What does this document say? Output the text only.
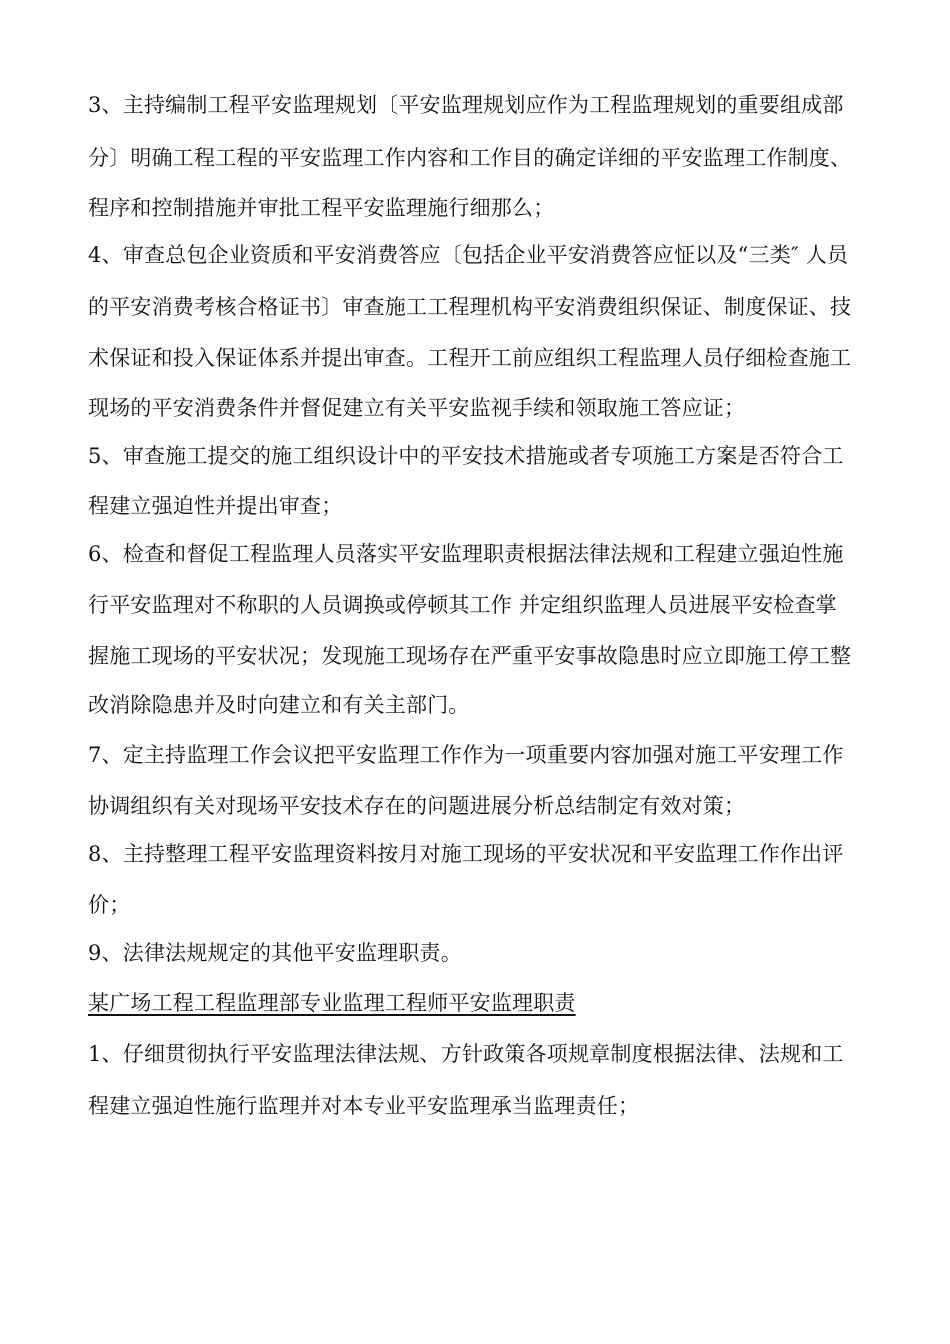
3、主持编制工程平安监理规划〔平安监理规划应作为工程监理规划的重要组成部
分〕明确工程工程的平安监理工作内容和工作目的确定详细的平安监理工作制度、
程序和控制措施并审批工程平安监理施行细那么；
4、审查总包企业资质和平安消费答应〔包括企业平安消费答应怔以及“三类″ 人员
的平安消费考核合格证书〕审查施工工程理机构平安消费组织保证、制度保证、技
术保证和投入保证体系并提出审查。工程开工前应组织工程监理人员仔细检查施工
现场的平安消费条件并督促建立有关平安监视手续和领取施工答应证；
5、审查施工提交的施工组织设计中的平安技术措施或者专项施工方案是否符合工
程建立强迫性并提出审查；
6、检查和督促工程监理人员落实平安监理职责根据法律法规和工程建立强迫性施
行平安监理对不称职的人员调换或停顿其工作 并定组织监理人员进展平安检查掌
握施工现场的平安状况；发现施工现场存在严重平安事故隐患时应立即施工停工整
改消除隐患并及时向建立和有关主部门。
7、定主持监理工作会议把平安监理工作作为一项重要内容加强对施工平安理工作
协调组织有关对现场平安技术存在的问题进展分析总结制定有效对策；
8、主持整理工程平安监理资料按月对施工现场的平安状况和平安监理工作作出评
价；
9、法律法规规定的其他平安监理职责。
某广场工程工程监理部专业监理工程师平安监理职责
1、仔细贯彻执行平安监理法律法规、方针政策各项规章制度根据法律、法规和工
程建立强迫性施行监理并对本专业平安监理承当监理责任；
